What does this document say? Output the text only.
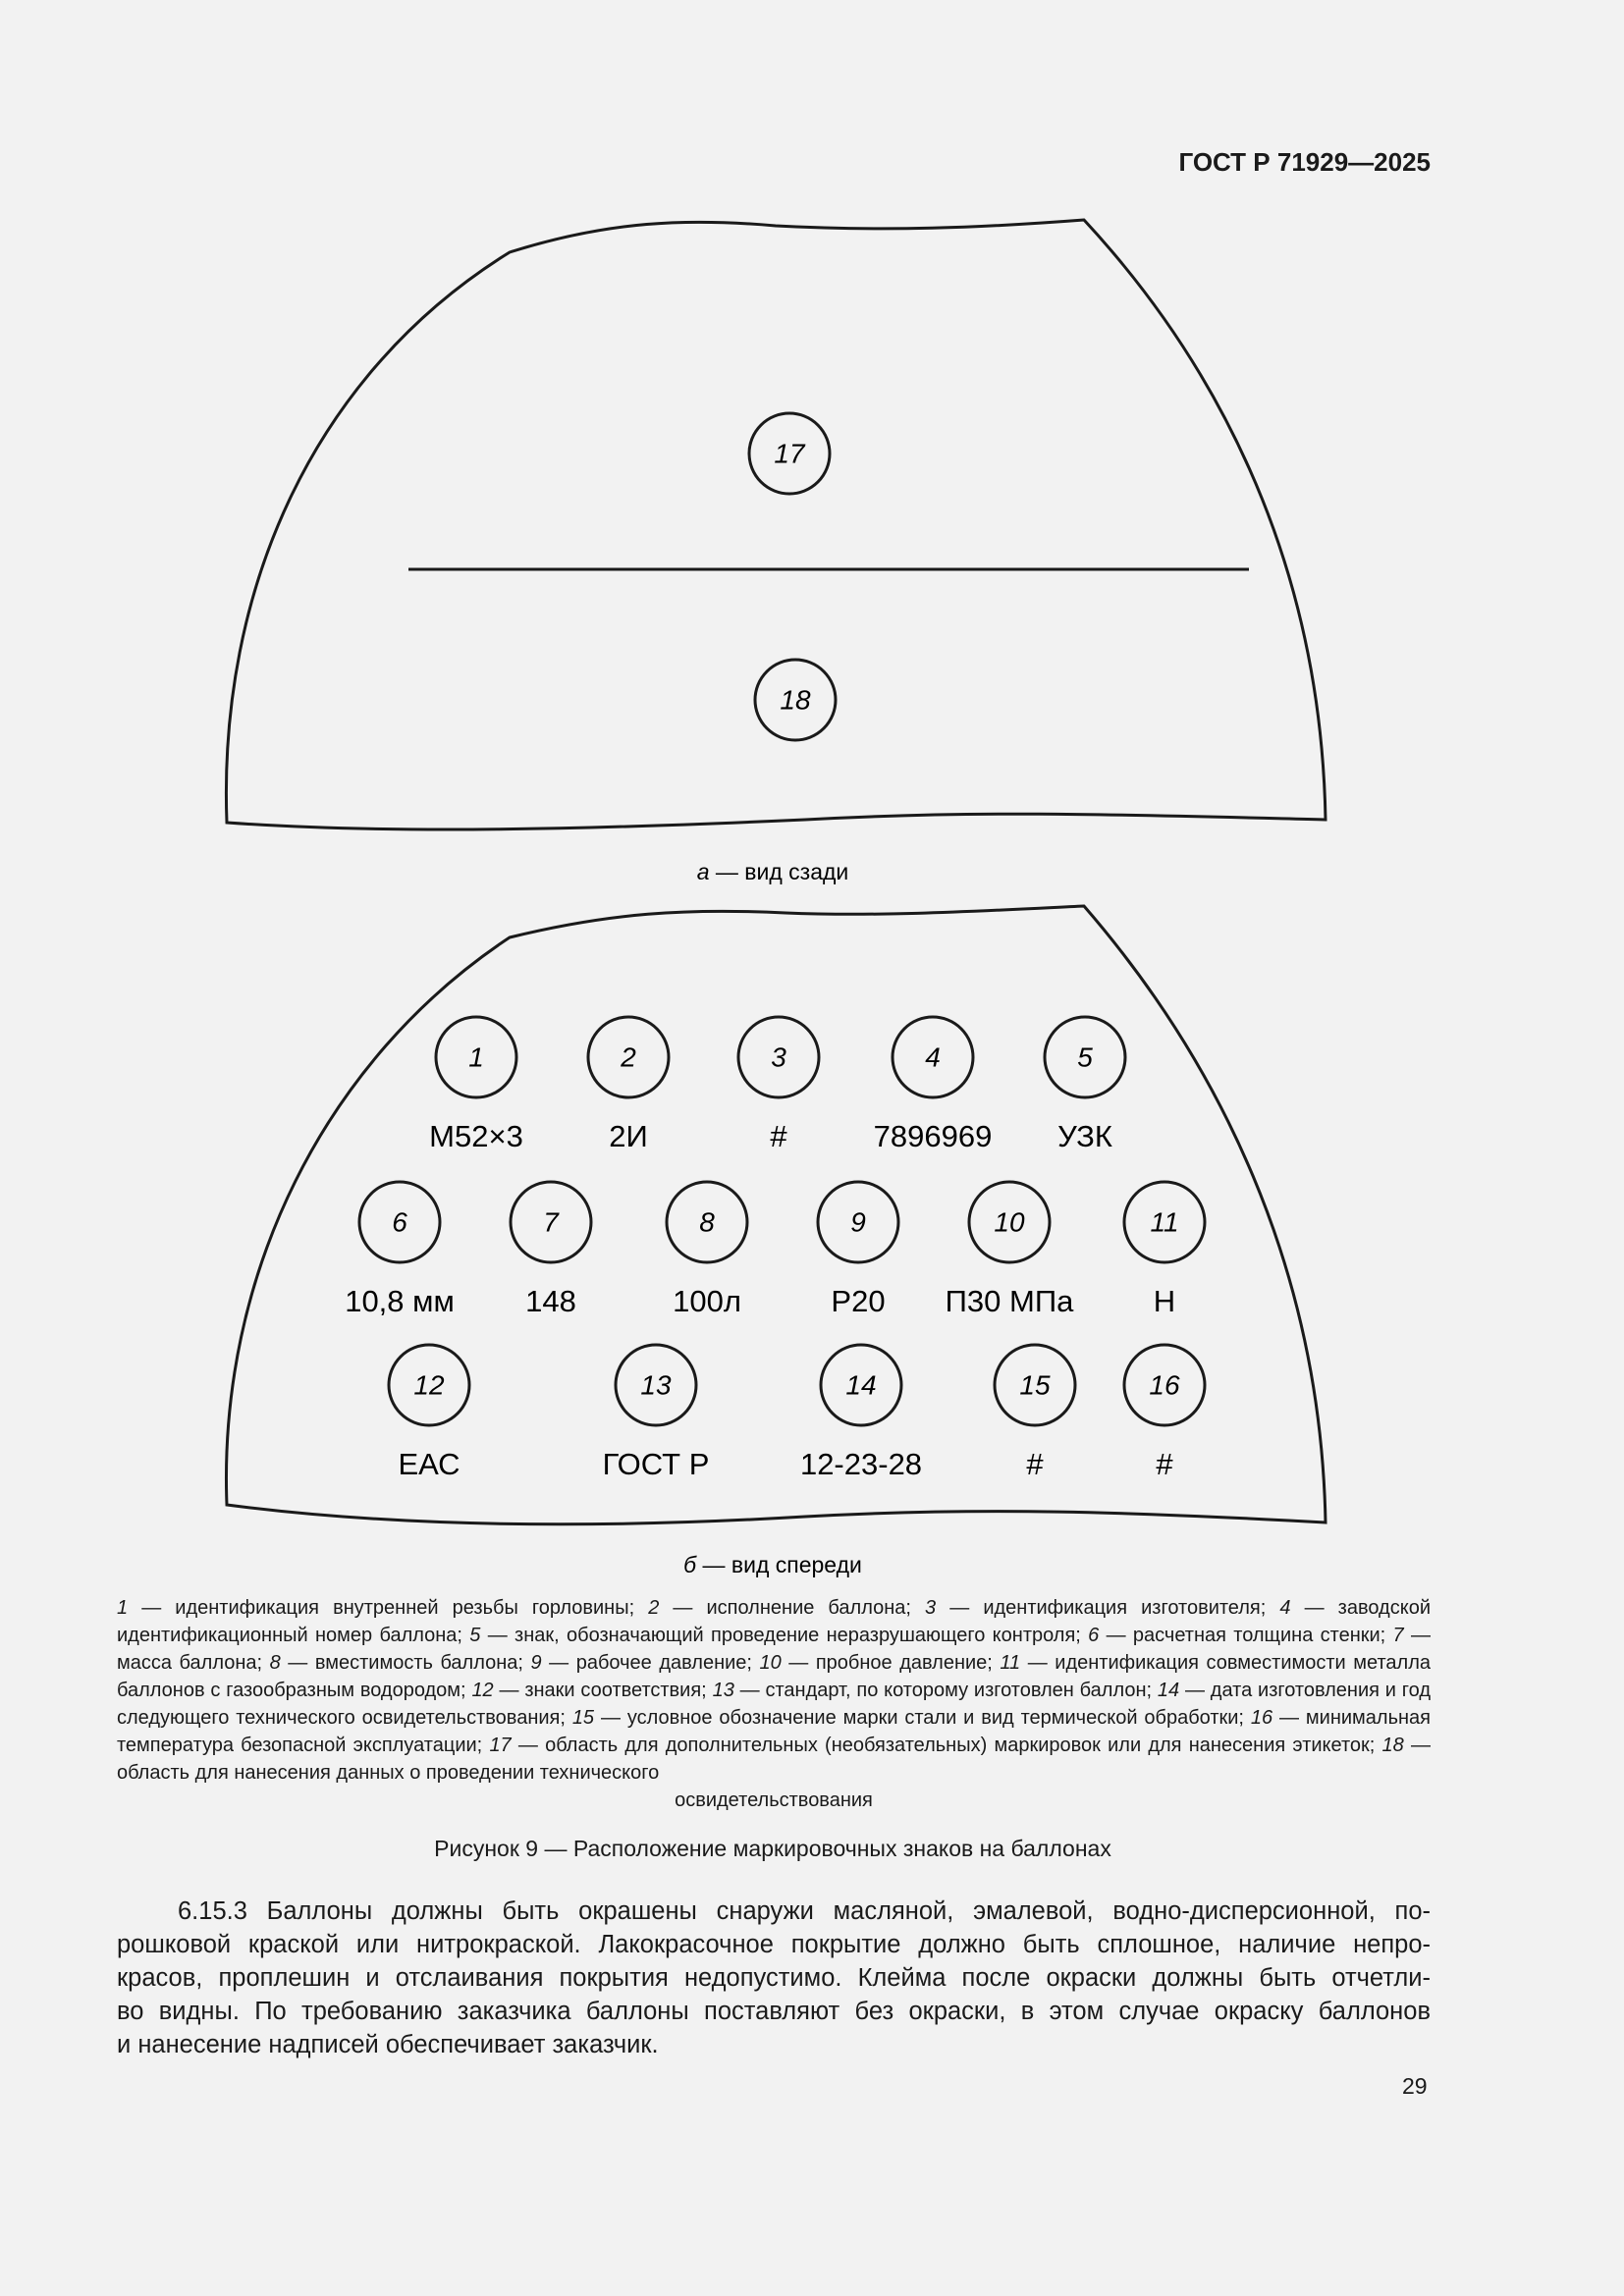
ГОСТ Р 71929—2025
17
18
а — вид сзади
1
М52×3
2
2И
3
#
4
7896969
5
УЗК
6
10,8 мм
7
148
8
100л
9
Р20
10
П30 МПа
11
Н
12
ЕАС
13
ГОСТ Р
14
12-23-28
15
#
16
#
б — вид спереди
1 — идентификация внутренней резьбы горловины; 2 — исполнение баллона; 3 — идентификация изготовителя; 4 — заводской идентификационный номер баллона; 5 — знак, обозначающий проведение неразрушающего контроля; 6 — расчетная толщина стенки; 7 — масса баллона; 8 — вместимость баллона; 9 — рабочее давление; 10 — пробное давление; 11 — идентификация совместимости металла баллонов с газообразным водородом; 12 — знаки соответствия; 13 — стандарт, по которому изготовлен баллон; 14 — дата изготовления и год следующего технического освидетельствования; 15 — условное обозначение марки стали и вид термической обработки; 16 — минимальная температура безопасной эксплуатации; 17 — область для дополнительных (необязательных) маркировок или для нанесения этикеток; 18 — область для нанесения данных о проведении технического
освидетельствования
Рисунок 9 — Расположение маркировочных знаков на баллонах
6.15.3 Баллоны должны быть окрашены снаружи масляной, эмалевой, водно-дисперсионной, по-
рошковой краской или нитрокраской. Лакокрасочное покрытие должно быть сплошное, наличие непро-
красов, проплешин и отслаивания покрытия недопустимо. Клейма после окраски должны быть отчетли-
во видны. По требованию заказчика баллоны поставляют без окраски, в этом случае окраску баллонов
и нанесение надписей обеспечивает заказчик.
29
